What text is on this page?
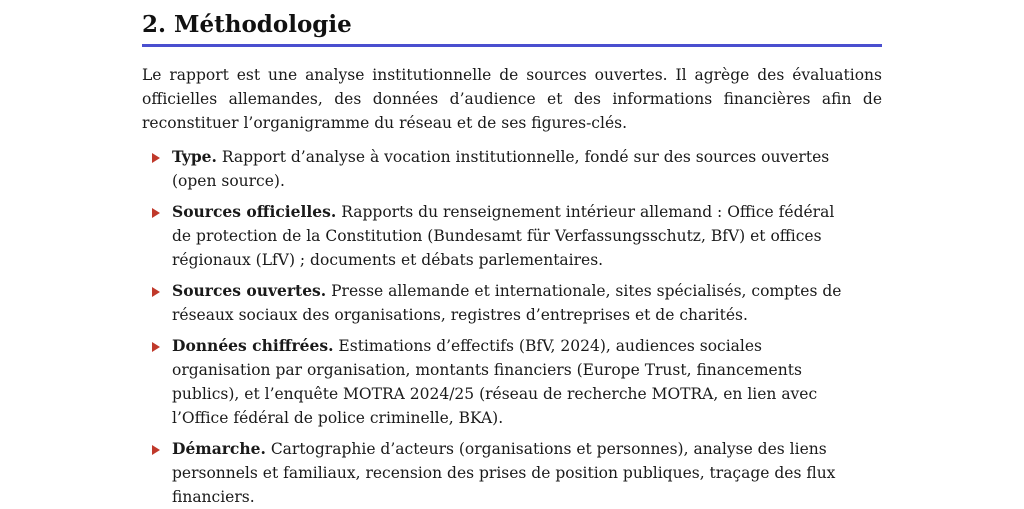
2. Méthodologie

Le rapport est une analyse institutionnelle de sources ouvertes. Il agrège des évaluations officielles allemandes, des données d’audience et des informations financières afin de reconstituer l’organigramme du réseau et de ses figures-clés.

Type. Rapport d’analyse à vocation institutionnelle, fondé sur des sources ouvertes (open source).
Sources officielles. Rapports du renseignement intérieur allemand : Office fédéral de protection de la Constitution (Bundesamt für Verfassungsschutz, BfV) et offices régionaux (LfV) ; documents et débats parlementaires.
Sources ouvertes. Presse allemande et internationale, sites spécialisés, comptes de réseaux sociaux des organisations, registres d’entreprises et de charités.
Données chiffrées. Estimations d’effectifs (BfV, 2024), audiences sociales organisation par organisation, montants financiers (Europe Trust, financements publics), et l’enquête MOTRA 2024/25 (réseau de recherche MOTRA, en lien avec l’Office fédéral de police criminelle, BKA).
Démarche. Cartographie d’acteurs (organisations et personnes), analyse des liens personnels et familiaux, recension des prises de position publiques, traçage des flux financiers.
